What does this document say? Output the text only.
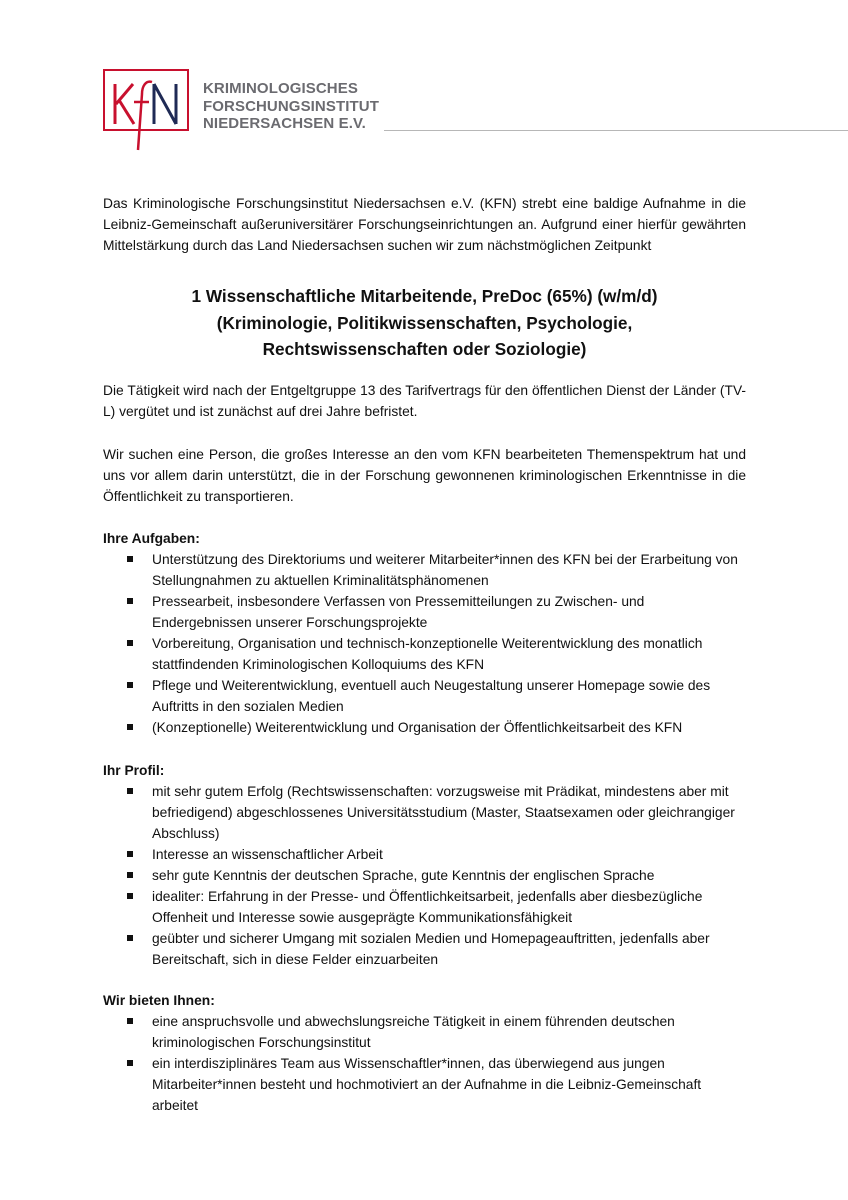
KRIMINOLOGISCHES
FORSCHUNGSINSTITUT
NIEDERSACHSEN E.V.
Das Kriminologische Forschungsinstitut Niedersachsen e.V. (KFN) strebt eine baldige Aufnahme in die Leibniz-Gemeinschaft außeruniversitärer Forschungseinrichtungen an. Aufgrund einer hierfür gewährten Mittelstärkung durch das Land Niedersachsen suchen wir zum nächstmöglichen Zeitpunkt
1 Wissenschaftliche Mitarbeitende, PreDoc (65%) (w/m/d)
(Kriminologie, Politikwissenschaften, Psychologie,
Rechtswissenschaften oder Soziologie)
Die Tätigkeit wird nach der Entgeltgruppe 13 des Tarifvertrags für den öffentlichen Dienst der Länder (TV-L) vergütet und ist zunächst auf drei Jahre befristet.
Wir suchen eine Person, die großes Interesse an den vom KFN bearbeiteten Themenspektrum hat und uns vor allem darin unterstützt, die in der Forschung gewonnenen kriminologischen Erkenntnisse in die Öffentlichkeit zu transportieren.
Ihre Aufgaben:
Unterstützung des Direktoriums und weiterer Mitarbeiter*innen des KFN bei der Erarbeitung von Stellungnahmen zu aktuellen Kriminalitätsphänomenen
Pressearbeit, insbesondere Verfassen von Pressemitteilungen zu Zwischen- und Endergebnissen unserer Forschungsprojekte
Vorbereitung, Organisation und technisch-konzeptionelle Weiterentwicklung des monatlich stattfindenden Kriminologischen Kolloquiums des KFN
Pflege und Weiterentwicklung, eventuell auch Neugestaltung unserer Homepage sowie des Auftritts in den sozialen Medien
(Konzeptionelle) Weiterentwicklung und Organisation der Öffentlichkeitsarbeit des KFN
Ihr Profil:
mit sehr gutem Erfolg (Rechtswissenschaften: vorzugsweise mit Prädikat, mindestens aber mit befriedigend) abgeschlossenes Universitätsstudium (Master, Staatsexamen oder gleichrangiger Abschluss)
Interesse an wissenschaftlicher Arbeit
sehr gute Kenntnis der deutschen Sprache, gute Kenntnis der englischen Sprache
idealiter: Erfahrung in der Presse- und Öffentlichkeitsarbeit, jedenfalls aber diesbezügliche Offenheit und Interesse sowie ausgeprägte Kommunikationsfähigkeit
geübter und sicherer Umgang mit sozialen Medien und Homepageauftritten, jedenfalls aber Bereitschaft, sich in diese Felder einzuarbeiten
Wir bieten Ihnen:
eine anspruchsvolle und abwechslungsreiche Tätigkeit in einem führenden deutschen kriminologischen Forschungsinstitut
ein interdisziplinäres Team aus Wissenschaftler*innen, das überwiegend aus jungen Mitarbeiter*innen besteht und hochmotiviert an der Aufnahme in die Leibniz-Gemeinschaft arbeitet
